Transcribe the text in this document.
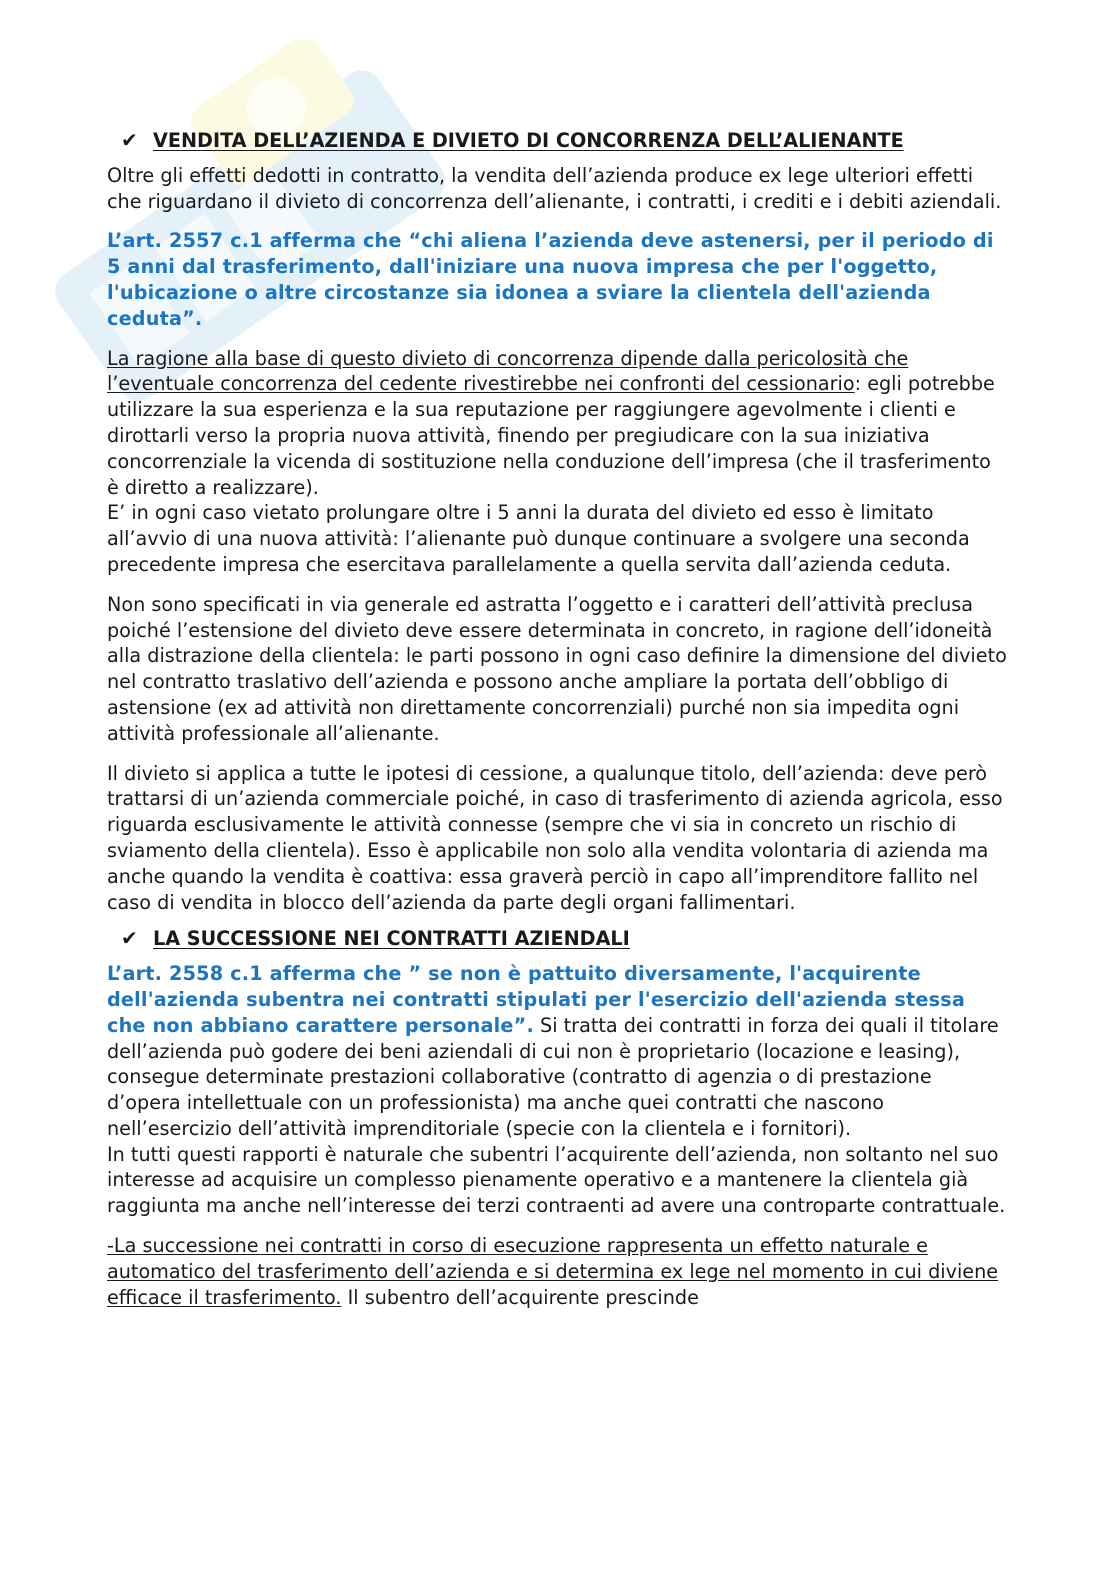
✔ VENDITA DELL’AZIENDA E DIVIETO DI CONCORRENZA DELL’ALIENANTE
Oltre gli effetti dedotti in contratto, la vendita dell’azienda produce ex lege ulteriori effetti che riguardano il divieto di concorrenza dell’alienante, i contratti, i crediti e i debiti aziendali.
L’art. 2557 c.1 afferma che “chi aliena l’azienda deve astenersi, per il periodo di 5 anni dal trasferimento, dall'iniziare una nuova impresa che per l'oggetto, l'ubicazione o altre circostanze sia idonea a sviare la clientela dell'azienda ceduta”.
La ragione alla base di questo divieto di concorrenza dipende dalla pericolosità che l’eventuale concorrenza del cedente rivestirebbe nei confronti del cessionario: egli potrebbe utilizzare la sua esperienza e la sua reputazione per raggiungere agevolmente i clienti e dirottarli verso la propria nuova attività, finendo per pregiudicare con la sua iniziativa concorrenziale la vicenda di sostituzione nella conduzione dell’impresa (che il trasferimento è diretto a realizzare).
E’ in ogni caso vietato prolungare oltre i 5 anni la durata del divieto ed esso è limitato all’avvio di una nuova attività: l’alienante può dunque continuare a svolgere una seconda precedente impresa che esercitava parallelamente a quella servita dall’azienda ceduta.
Non sono specificati in via generale ed astratta l’oggetto e i caratteri dell’attività preclusa poiché l’estensione del divieto deve essere determinata in concreto, in ragione dell’idoneità alla distrazione della clientela: le parti possono in ogni caso definire la dimensione del divieto nel contratto traslativo dell’azienda e possono anche ampliare la portata dell’obbligo di astensione (ex ad attività non direttamente concorrenziali) purché non sia impedita ogni attività professionale all’alienante.
Il divieto si applica a tutte le ipotesi di cessione, a qualunque titolo, dell’azienda: deve però trattarsi di un’azienda commerciale poiché, in caso di trasferimento di azienda agricola, esso riguarda esclusivamente le attività connesse (sempre che vi sia in concreto un rischio di sviamento della clientela). Esso è applicabile non solo alla vendita volontaria di azienda ma anche quando la vendita è coattiva: essa graverà perciò in capo all’imprenditore fallito nel caso di vendita in blocco dell’azienda da parte degli organi fallimentari.
✔ LA SUCCESSIONE NEI CONTRATTI AZIENDALI
L’art. 2558 c.1 afferma che ” se non è pattuito diversamente, l'acquirente dell'azienda subentra nei contratti stipulati per l'esercizio dell'azienda stessa che non abbiano carattere personale”. Si tratta dei contratti in forza dei quali il titolare dell’azienda può godere dei beni aziendali di cui non è proprietario (locazione e leasing), consegue determinate prestazioni collaborative (contratto di agenzia o di prestazione d’opera intellettuale con un professionista) ma anche quei contratti che nascono nell’esercizio dell’attività imprenditoriale (specie con la clientela e i fornitori).
In tutti questi rapporti è naturale che subentri l’acquirente dell’azienda, non soltanto nel suo interesse ad acquisire un complesso pienamente operativo e a mantenere la clientela già raggiunta ma anche nell’interesse dei terzi contraenti ad avere una controparte contrattuale.
-La successione nei contratti in corso di esecuzione rappresenta un effetto naturale e automatico del trasferimento dell’azienda e si determina ex lege nel momento in cui diviene efficace il trasferimento. Il subentro dell’acquirente prescinde
